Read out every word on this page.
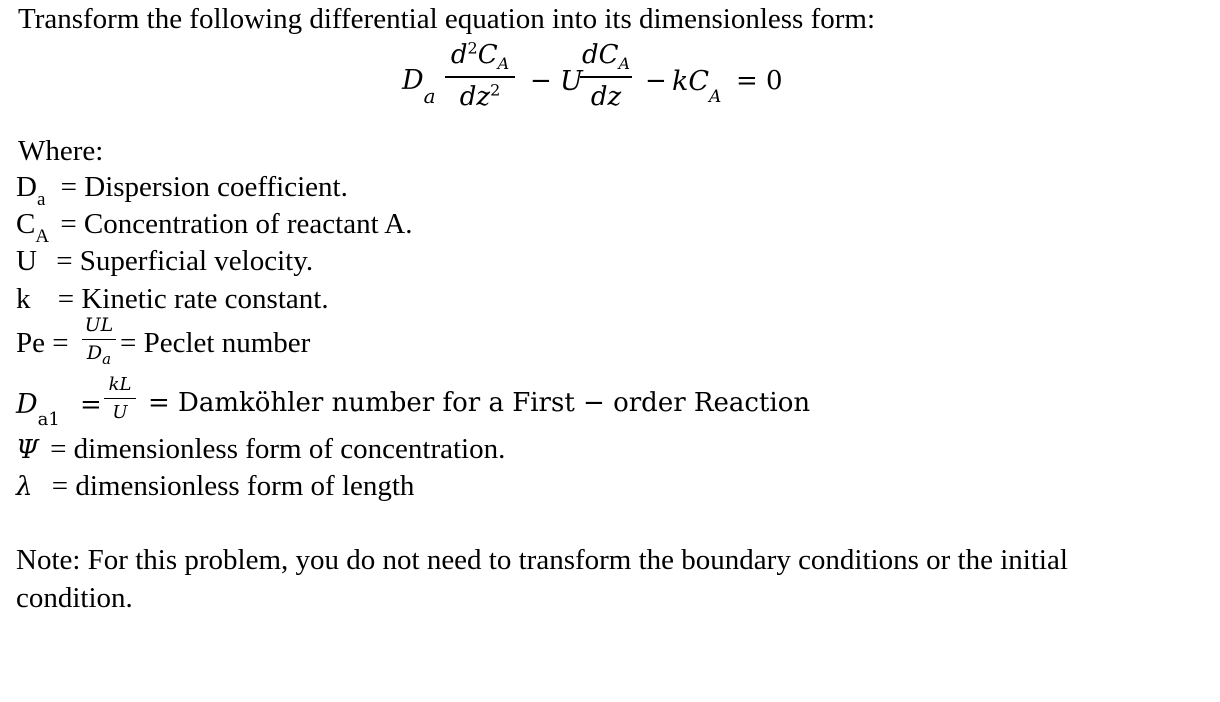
Transform the following differential equation into its dimensionless form:
$D_a$
$d^2C_A$
$dz^2$	− U
$dC_A$
dz
− $kC_A$
= 0
Where:
$D_a$ = Dispersion coefficient.
$C_A$ = Concentration of reactant A.
U = Superficial velocity.
k = Kinetic rate constant.
Pe =
UL
$D_a$ = Peclet number
$D_{a1}$ =
kL
U = Damköhler number for a First − order Reaction
Ψ = dimensionless form of concentration.
λ = dimensionless form of length
Note: For this problem, you do not need to transform the boundary conditions or the initial
condition.
